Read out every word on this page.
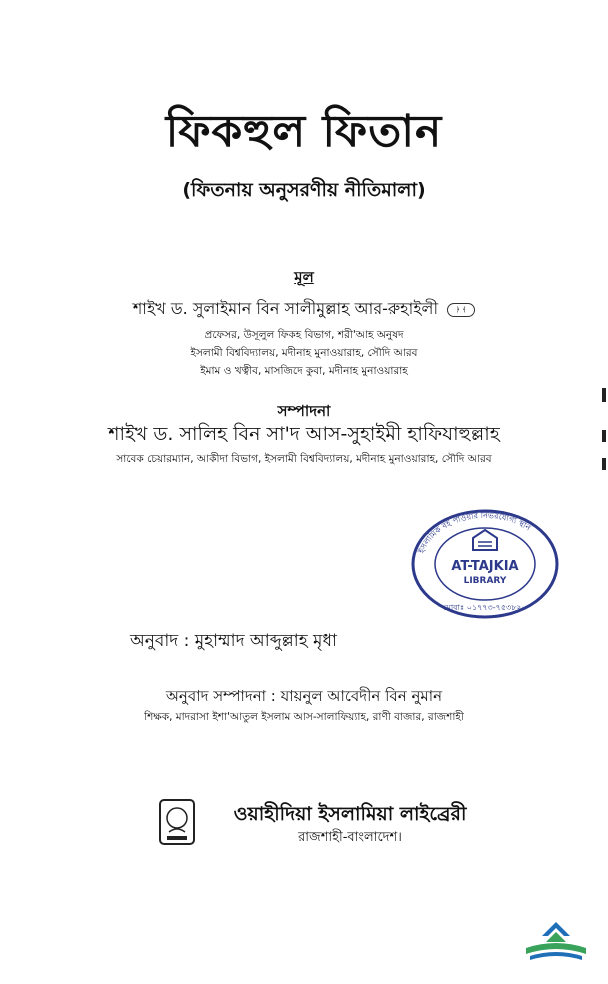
ফিকহুল ফিতান
(ফিতনায় অনুসরণীয় নীতিমালা)
মূল
শাইখ ড. সুলাইমান বিন সালীমুল্লাহ আর-রুহাইলী	﴿ ﴾
প্রফেসর, উসূলুল ফিকহ বিভাগ, শরী'আহ অনুষদ
ইসলামী বিশ্ববিদ্যালয়, মদীনাহ মুনাওয়ারাহ, সৌদি আরব
ইমাম ও খত্বীব, মাসজিদে কুবা, মদীনাহ মুনাওয়ারাহ
সম্পাদনা
শাইখ ড. সালিহ বিন সা'দ আস-সুহাইমী হাফিযাহুল্লাহ
সাবেক চেয়ারম্যান, আকীদা বিভাগ, ইসলামী বিশ্ববিদ্যালয়, মদীনাহ মুনাওয়ারাহ, সৌদি আরব
ইসলামিক বই পাওয়ার নির্ভরযোগ্য স্থান
AT-TAJKIA
LIBRARY
মোবাঃ ০১৭৭৩-৭৫৩৮২০
অনুবাদ : মুহাম্মাদ আব্দুল্লাহ মৃধা
অনুবাদ সম্পাদনা : যায়নুল আবেদীন বিন নুমান
শিক্ষক, মাদরাসা ইশা'আতুল ইসলাম আস-সালাফিয়্যাহ, রাণী বাজার, রাজশাহী
ওয়াহীদিয়া ইসলামিয়া লাইব্রেরী
রাজশাহী-বাংলাদেশ।
